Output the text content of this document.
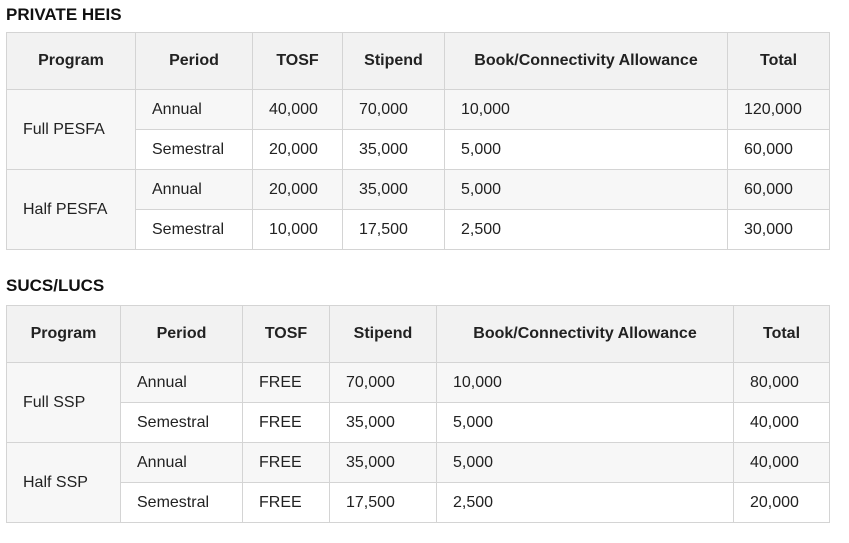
PRIVATE HEIS
Program	Period	TOSF	Stipend	Book/Connectivity Allowance	Total
Full PESFA	Annual	40,000	70,000	10,000	120,000
	Semestral	20,000	35,000	5,000	60,000
Half PESFA	Annual	20,000	35,000	5,000	60,000
	Semestral	10,000	17,500	2,500	30,000
SUCS/LUCS
Program	Period	TOSF	Stipend	Book/Connectivity Allowance	Total
Full SSP	Annual	FREE	70,000	10,000	80,000
	Semestral	FREE	35,000	5,000	40,000
Half SSP	Annual	FREE	35,000	5,000	40,000
	Semestral	FREE	17,500	2,500	20,000
